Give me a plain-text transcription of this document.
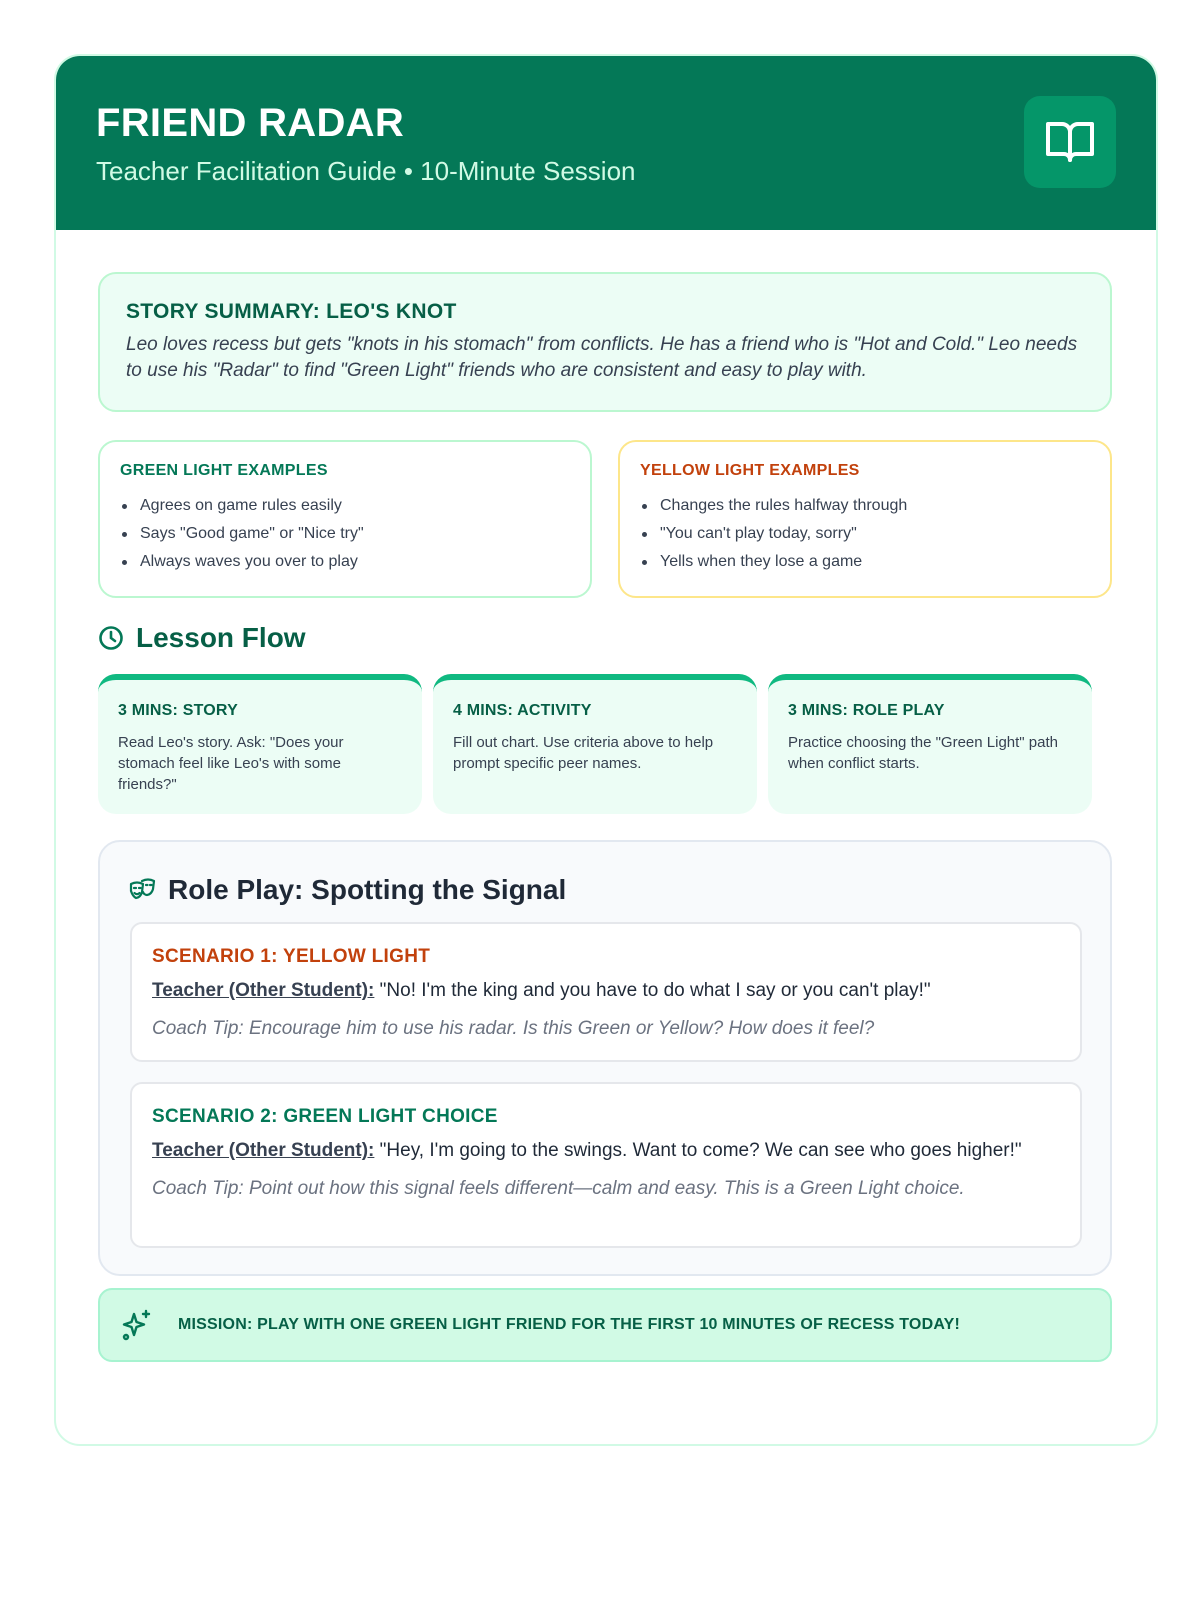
FRIEND RADAR
Teacher Facilitation Guide • 10-Minute Session
STORY SUMMARY: LEO'S KNOT

Leo loves recess but gets "knots in his stomach" from conflicts. He has a friend who is "Hot and Cold." Leo needs to use his "Radar" to find "Green Light" friends who are consistent and easy to play with.

GREEN LIGHT EXAMPLES
Agrees on game rules easily
Says "Good game" or "Nice try"
Always waves you over to play
YELLOW LIGHT EXAMPLES
Changes the rules halfway through
"You can't play today, sorry"
Yells when they lose a game
Lesson Flow
3 MINS: STORY

Read Leo's story. Ask: "Does your stomach feel like Leo's with some friends?"

4 MINS: ACTIVITY

Fill out chart. Use criteria above to help prompt specific peer names.

3 MINS: ROLE PLAY

Practice choosing the "Green Light" path when conflict starts.

Role Play: Spotting the Signal
SCENARIO 1: YELLOW LIGHT
Teacher (Other Student): "No! I'm the king and you have to do what I say or you can't play!"
Coach Tip: Encourage him to use his radar. Is this Green or Yellow? How does it feel?
SCENARIO 2: GREEN LIGHT CHOICE
Teacher (Other Student): "Hey, I'm going to the swings. Want to come? We can see who goes higher!"
Coach Tip: Point out how this signal feels different—calm and easy. This is a Green Light choice.
MISSION: PLAY WITH ONE GREEN LIGHT FRIEND FOR THE FIRST 10 MINUTES OF RECESS TODAY!
